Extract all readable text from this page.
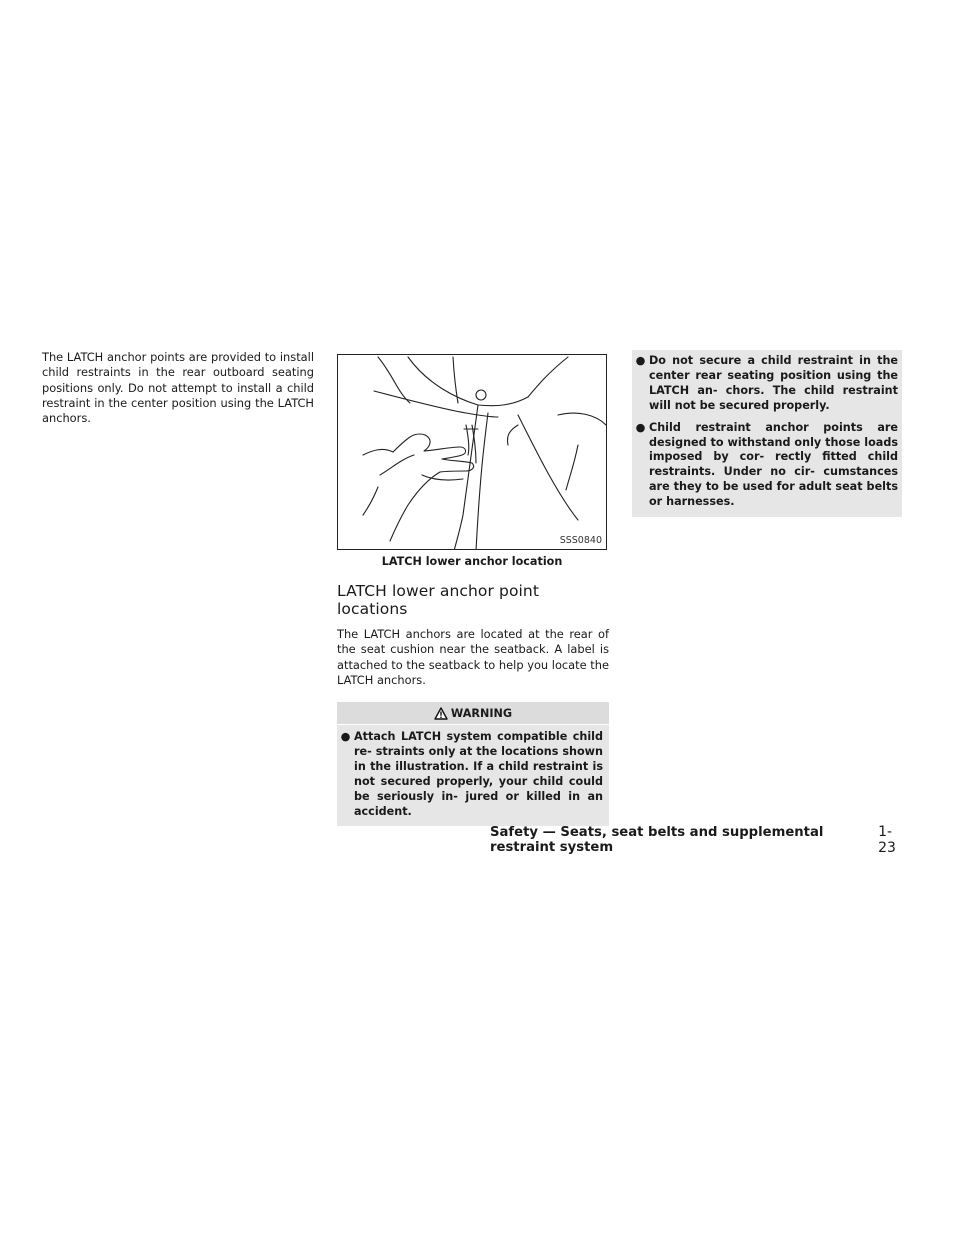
The LATCH anchor points are provided to install child restraints in the rear outboard seating positions only. Do not attempt to install a child restraint in the center position using the LATCH anchors.

SSS0840
LATCH lower anchor location
LATCH lower anchor point locations

The LATCH anchors are located at the rear of the seat cushion near the seatback. A label is attached to the seatback to help you locate the LATCH anchors.

WARNING
● Attach LATCH system compatible child re- straints only at the locations shown in the illustration. If a child restraint is not secured properly, your child could be seriously in- jured or killed in an accident.
● Do not secure a child restraint in the center rear seating position using the LATCH an- chors. The child restraint will not be secured properly.
● Child restraint anchor points are designed to withstand only those loads imposed by cor- rectly fitted child restraints. Under no cir- cumstances are they to be used for adult seat belts or harnesses.
Safety — Seats, seat belts and supplemental restraint system
1-23
